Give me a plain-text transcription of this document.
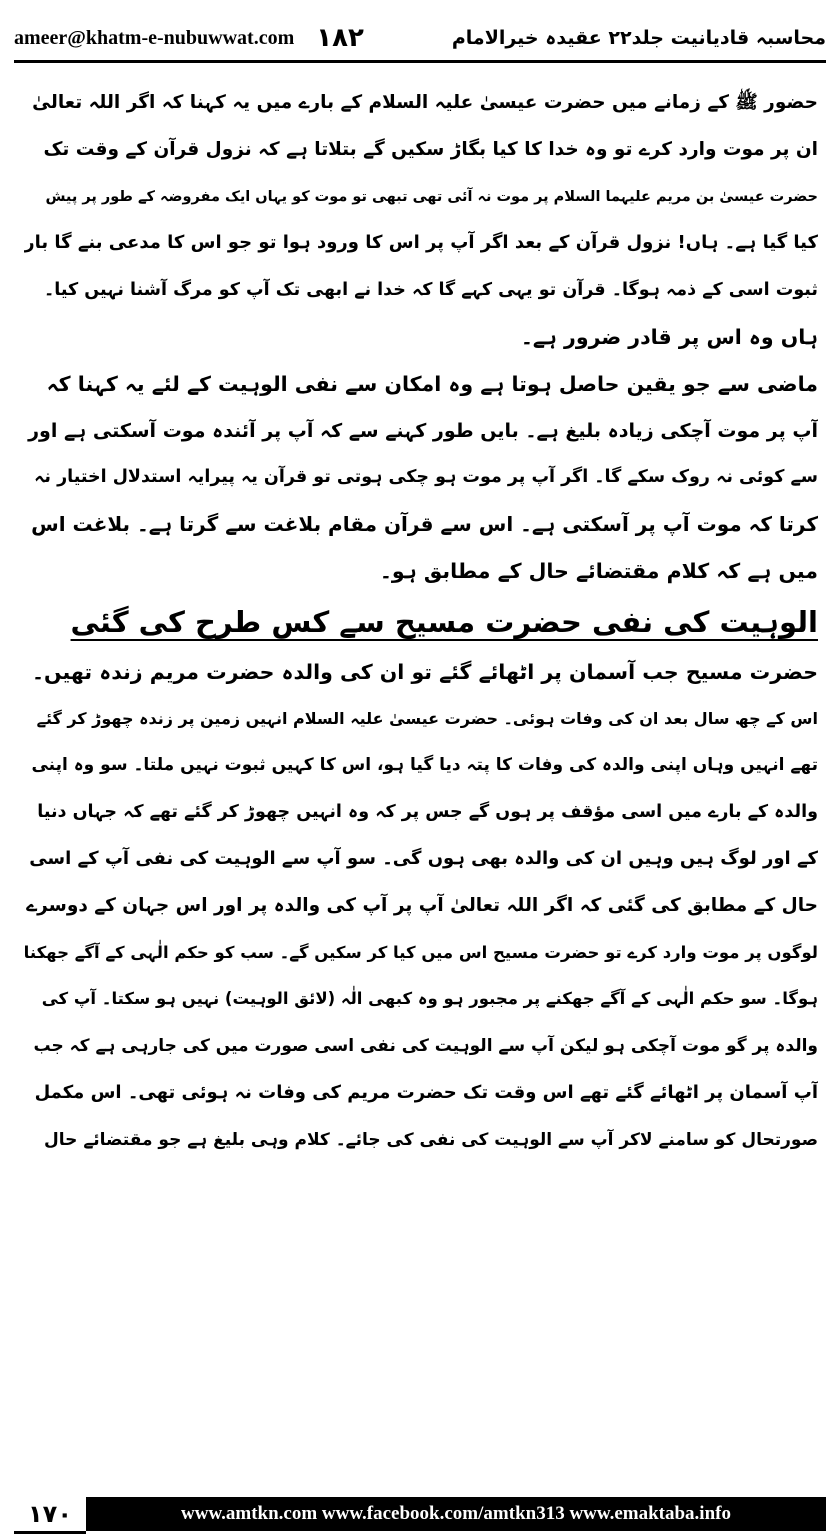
ameer@khatm-e-nubuwwat.com ۱۸۲	محاسبہ قادیانیت جلد۲۲ عقیدہ خیرالامام
حضور ﷺ کے زمانے میں حضرت عیسیٰ علیہ السلام کے بارے میں یہ کہنا کہ اگر اللہ تعالیٰ
ان پر موت وارد کرے تو وہ خدا کا کیا بگاڑ سکیں گے بتلاتا ہے کہ نزول قرآن کے وقت تک
حضرت عیسیٰ بن مریم علیہما السلام پر موت نہ آئی تھی تبھی تو موت کو یہاں ایک مفروضہ کے طور پر پیش
کیا گیا ہے۔ ہاں! نزول قرآن کے بعد اگر آپ پر اس کا ورود ہوا تو جو اس کا مدعی بنے گا بار
ثبوت اسی کے ذمہ ہوگا۔ قرآن تو یہی کہے گا کہ خدا نے ابھی تک آپ کو مرگ آشنا نہیں کیا۔
ہاں وہ اس پر قادر ضرور ہے۔
ماضی سے جو یقین حاصل ہوتا ہے وہ امکان سے نفی الوہیت کے لئے یہ کہنا کہ
آپ پر موت آچکی زیادہ بلیغ ہے۔ بایں طور کہنے سے کہ آپ پر آئندہ موت آسکتی ہے اور
سے کوئی نہ روک سکے گا۔ اگر آپ پر موت ہو چکی ہوتی تو قرآن یہ پیرایہ استدلال اختیار نہ
کرتا کہ موت آپ پر آسکتی ہے۔ اس سے قرآن مقام بلاغت سے گرتا ہے۔ بلاغت اس
میں ہے کہ کلام مقتضائے حال کے مطابق ہو۔
الوہیت کی نفی حضرت مسیح سے کس طرح کی گئی
حضرت مسیح جب آسمان پر اٹھائے گئے تو ان کی والدہ حضرت مریم زندہ تھیں۔
اس کے چھ سال بعد ان کی وفات ہوئی۔ حضرت عیسیٰ علیہ السلام انہیں زمین پر زندہ چھوڑ کر گئے
تھے انہیں وہاں اپنی والدہ کی وفات کا پتہ دیا گیا ہو، اس کا کہیں ثبوت نہیں ملتا۔ سو وہ اپنی
والدہ کے بارے میں اسی مؤقف پر ہوں گے جس پر کہ وہ انہیں چھوڑ کر گئے تھے کہ جہاں دنیا
کے اور لوگ ہیں وہیں ان کی والدہ بھی ہوں گی۔ سو آپ سے الوہیت کی نفی آپ کے اسی
حال کے مطابق کی گئی کہ اگر اللہ تعالیٰ آپ پر آپ کی والدہ پر اور اس جہان کے دوسرے
لوگوں پر موت وارد کرے تو حضرت مسیح اس میں کیا کر سکیں گے۔ سب کو حکم الٰہی کے آگے جھکنا
ہوگا۔ سو حکم الٰہی کے آگے جھکنے پر مجبور ہو وہ کبھی الٰہ (لائق الوہیت) نہیں ہو سکتا۔ آپ کی
والدہ پر گو موت آچکی ہو لیکن آپ سے الوہیت کی نفی اسی صورت میں کی جارہی ہے کہ جب
آپ آسمان پر اٹھائے گئے تھے اس وقت تک حضرت مریم کی وفات نہ ہوئی تھی۔ اس مکمل
صورتحال کو سامنے لاکر آپ سے الوہیت کی نفی کی جائے۔ کلام وہی بلیغ ہے جو مقتضائے حال
۱۷۰	www.amtkn.com www.facebook.com/amtkn313 www.emaktaba.info
